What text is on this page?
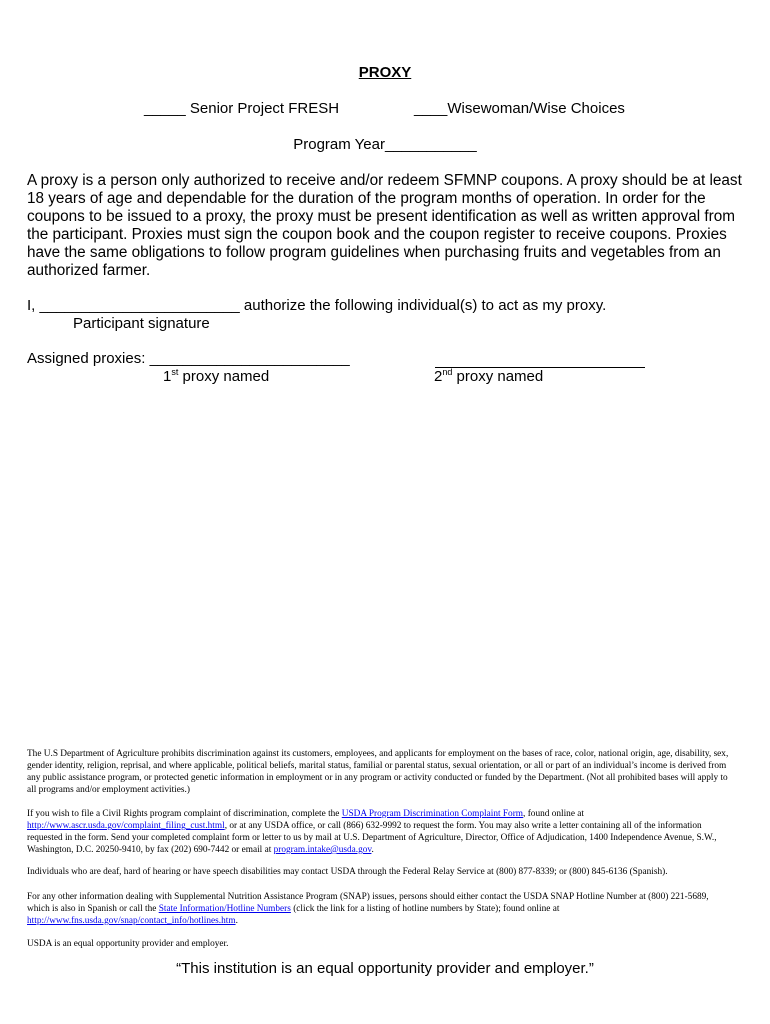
PROXY
_____ Senior Project FRESH	____Wisewoman/Wise Choices
Program Year___________
A proxy is a person only authorized to receive and/or redeem SFMNP coupons. A proxy should be at least 18 years of age and dependable for the duration of the program months of operation. In order for the coupons to be issued to a proxy, the proxy must be present identification as well as written approval from the participant. Proxies must sign the coupon book and the coupon register to receive coupons. Proxies have the same obligations to follow program guidelines when purchasing fruits and vegetables from an authorized farmer.
I, ________________________ authorize the following individual(s) to act as my proxy.
Participant signature
Assigned proxies: ________________________
1st proxy named	2nd proxy named
The U.S Department of Agriculture prohibits discrimination against its customers, employees, and applicants for employment on the bases of race, color, national origin, age, disability, sex, gender identity, religion, reprisal, and where applicable, political beliefs, marital status, familial or parental status, sexual orientation, or all or part of an individual’s income is derived from any public assistance program, or protected genetic information in employment or in any program or activity conducted or funded by the Department. (Not all prohibited bases will apply to all programs and/or employment activities.)
If you wish to file a Civil Rights program complaint of discrimination, complete the USDA Program Discrimination Complaint Form, found online at http://www.ascr.usda.gov/complaint_filing_cust.html, or at any USDA office, or call (866) 632-9992 to request the form. You may also write a letter containing all of the information requested in the form. Send your completed complaint form or letter to us by mail at U.S. Department of Agriculture, Director, Office of Adjudication, 1400 Independence Avenue, S.W., Washington, D.C. 20250-9410, by fax (202) 690-7442 or email at program.intake@usda.gov.
Individuals who are deaf, hard of hearing or have speech disabilities may contact USDA through the Federal Relay Service at (800) 877-8339; or (800) 845-6136 (Spanish).
For any other information dealing with Supplemental Nutrition Assistance Program (SNAP) issues, persons should either contact the USDA SNAP Hotline Number at (800) 221-5689, which is also in Spanish or call the State Information/Hotline Numbers (click the link for a listing of hotline numbers by State); found online at http://www.fns.usda.gov/snap/contact_info/hotlines.htm.
USDA is an equal opportunity provider and employer.
“This institution is an equal opportunity provider and employer.”
